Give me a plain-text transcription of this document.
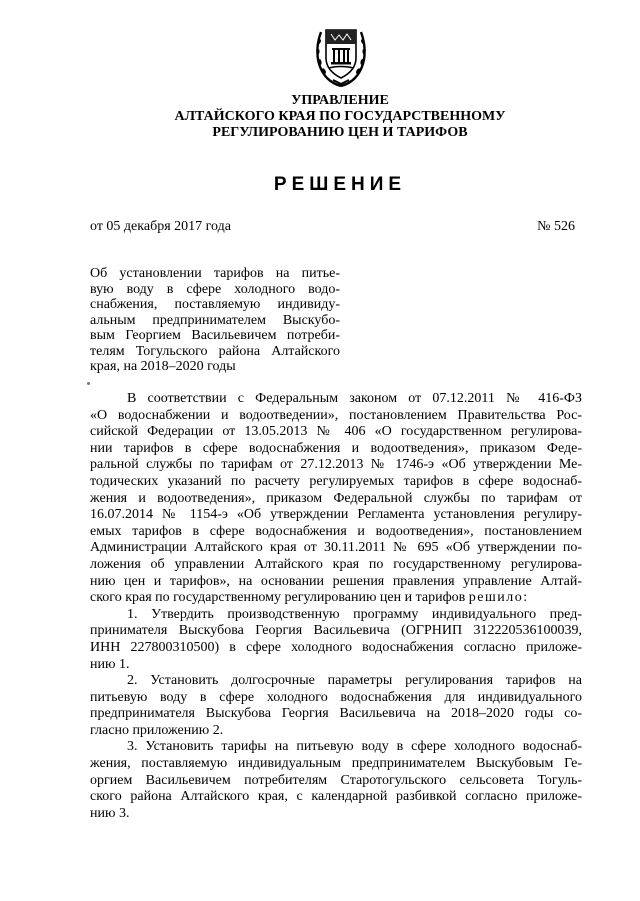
УПРАВЛЕНИЕ
АЛТАЙСКОГО КРАЯ ПО ГОСУДАРСТВЕННОМУ
РЕГУЛИРОВАНИЮ ЦЕН И ТАРИФОВ
РЕШЕНИЕ
от 05 декабря 2017 года	№ 526
Об установлении тарифов на питье-
вую воду в сфере холодного водо-
снабжения, поставляемую индивиду-
альным предпринимателем Выскубо-
вым Георгием Васильевичем потреби-
телям Тогульского района Алтайского
края, на 2018–2020 годы
В соответствии с Федеральным законом от 07.12.2011 № 416-ФЗ
«О водоснабжении и водоотведении», постановлением Правительства Рос-
сийской Федерации от 13.05.2013 № 406 «О государственном регулирова-
нии тарифов в сфере водоснабжения и водоотведения», приказом Феде-
ральной службы по тарифам от 27.12.2013 № 1746-э «Об утверждении Ме-
тодических указаний по расчету регулируемых тарифов в сфере водоснаб-
жения и водоотведения», приказом Федеральной службы по тарифам от
16.07.2014 № 1154-э «Об утверждении Регламента установления регулиру-
емых тарифов в сфере водоснабжения и водоотведения», постановлением
Администрации Алтайского края от 30.11.2011 № 695 «Об утверждении по-
ложения об управлении Алтайского края по государственному регулирова-
нию цен и тарифов», на основании решения правления управление Алтай-
ского края по государственному регулированию цен и тарифов решило:
1. Утвердить производственную программу индивидуального пред-
принимателя Выскубова Георгия Васильевича (ОГРНИП 312220536100039,
ИНН 227800310500) в сфере холодного водоснабжения согласно приложе-
нию 1.
2. Установить долгосрочные параметры регулирования тарифов на
питьевую воду в сфере холодного водоснабжения для индивидуального
предпринимателя Выскубова Георгия Васильевича на 2018–2020 годы со-
гласно приложению 2.
3. Установить тарифы на питьевую воду в сфере холодного водоснаб-
жения, поставляемую индивидуальным предпринимателем Выскубовым Ге-
оргием Васильевичем потребителям Старотогульского сельсовета Тогуль-
ского района Алтайского края, с календарной разбивкой согласно приложе-
нию 3.
